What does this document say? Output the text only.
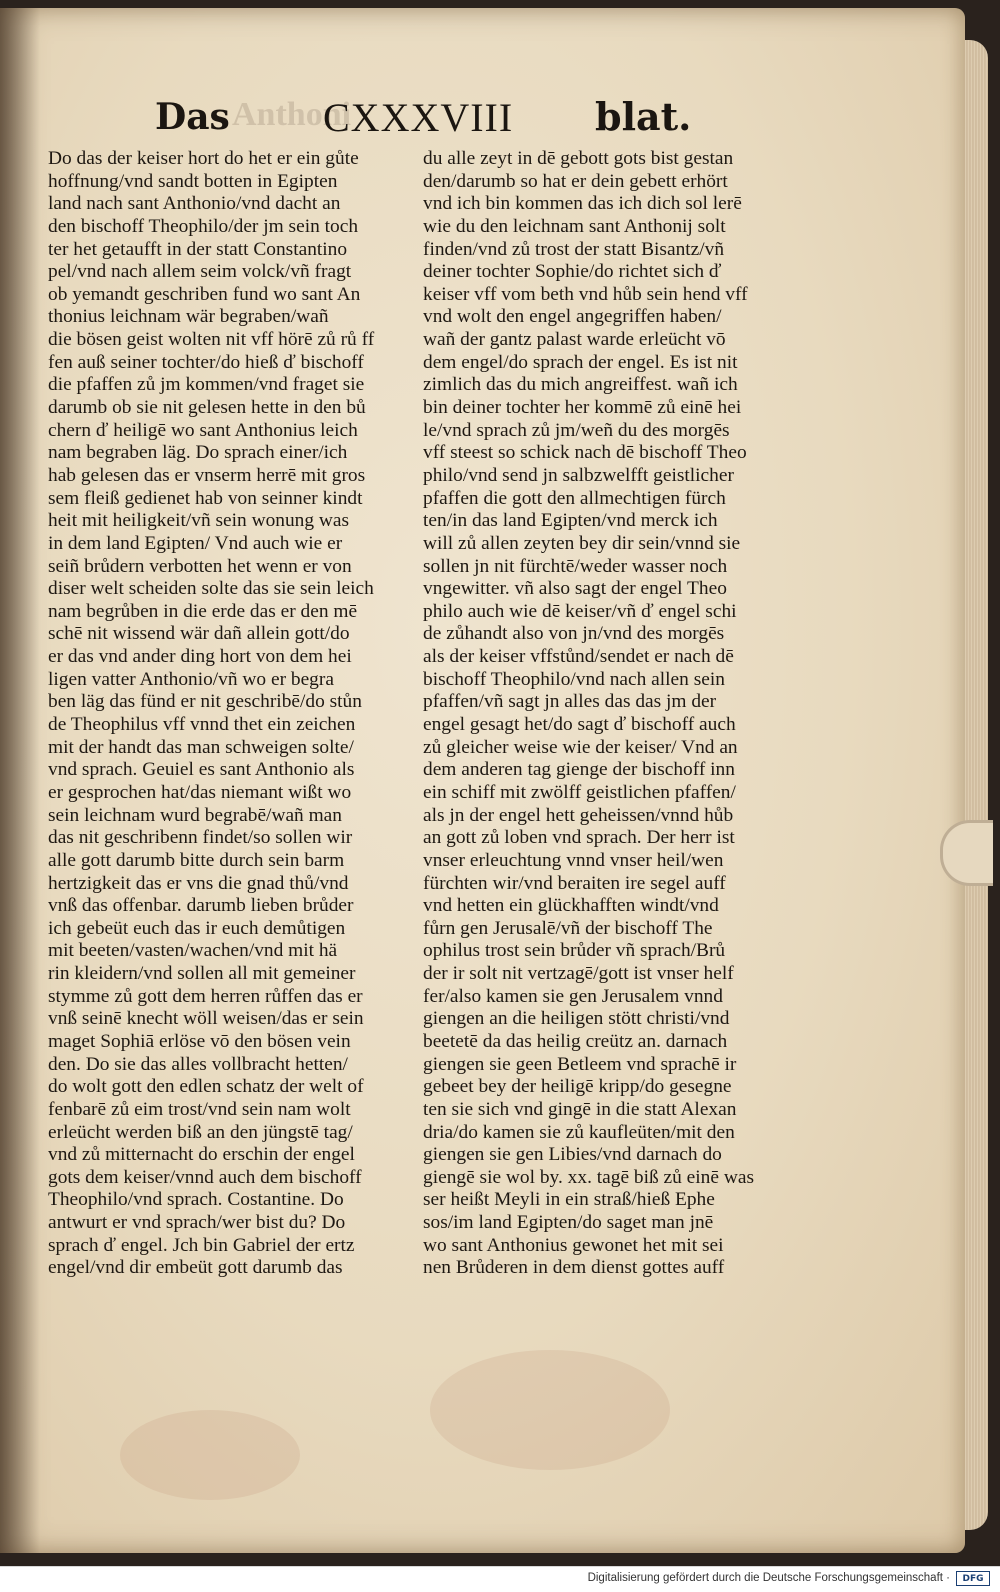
Anthoni
Das CXXXVIII blat.
Do das der keiser hort do het er ein gůte
hoffnung/vnd sandt botten in Egipten
land nach sant Anthonio/vnd dacht an
den bischoff Theophilo/der jm sein toch
ter het getaufft in der statt Constantino
pel/vnd nach allem seim volck/vñ fragt
ob yemandt geschriben fund wo sant An
thonius leichnam wär begraben/wañ
die bösen geist wolten nit vff hörē zů rů ff
fen auß seiner tochter/do hieß ď bischoff
die pfaffen zů jm kommen/vnd fraget sie
darumb ob sie nit gelesen hette in den bů
chern ď heiligē wo sant Anthonius leich
nam begraben läg. Do sprach einer/ich
hab gelesen das er vnserm herrē mit gros
sem fleiß gedienet hab von seinner kindt
heit mit heiligkeit/vñ sein wonung was
in dem land Egipten/ Vnd auch wie er
seiñ brůdern verbotten het wenn er von
diser welt scheiden solte das sie sein leich
nam begrůben in die erde das er den mē
schē nit wissend wär dañ allein gott/do
er das vnd ander ding hort von dem hei
ligen vatter Anthonio/vñ wo er begra
ben läg das fünd er nit geschribē/do stůn
de Theophilus vff vnnd thet ein zeichen
mit der handt das man schweigen solte/
vnd sprach. Geuiel es sant Anthonio als
er gesprochen hat/das niemant wißt wo
sein leichnam wurd begrabē/wañ man
das nit geschribenn findet/so sollen wir
alle gott darumb bitte durch sein barm
hertzigkeit das er vns die gnad thů/vnd
vnß das offenbar. darumb lieben brůder
ich gebeüt euch das ir euch demůtigen
mit beeten/vasten/wachen/vnd mit hä
rin kleidern/vnd sollen all mit gemeiner
stymme zů gott dem herren růffen das er
vnß seinē knecht wöll weisen/das er sein
maget Sophiā erlöse vō den bösen vein
den. Do sie das alles vollbracht hetten/
do wolt gott den edlen schatz der welt of
fenbarē zů eim trost/vnd sein nam wolt
erleücht werden biß an den jüngstē tag/
vnd zů mitternacht do erschin der engel
gots dem keiser/vnnd auch dem bischoff
Theophilo/vnd sprach. Costantine. Do
antwurt er vnd sprach/wer bist du? Do
sprach ď engel. Jch bin Gabriel der ertz
engel/vnd dir embeüt gott darumb das
du alle zeyt in dē gebott gots bist gestan
den/darumb so hat er dein gebett erhört
vnd ich bin kommen das ich dich sol lerē
wie du den leichnam sant Anthonij solt
finden/vnd zů trost der statt Bisantz/vñ
deiner tochter Sophie/do richtet sich ď
keiser vff vom beth vnd hůb sein hend vff
vnd wolt den engel angegriffen haben/
wañ der gantz palast warde erleücht vō
dem engel/do sprach der engel. Es ist nit
zimlich das du mich angreiffest. wañ ich
bin deiner tochter her kommē zů einē hei
le/vnd sprach zů jm/weñ du des morgēs
vff steest so schick nach dē bischoff Theo
philo/vnd send jn salbzwelfft geistlicher
pfaffen die gott den allmechtigen fürch
ten/in das land Egipten/vnd merck ich
will zů allen zeyten bey dir sein/vnnd sie
sollen jn nit fürchtē/weder wasser noch
vngewitter. vñ also sagt der engel Theo
philo auch wie dē keiser/vñ ď engel schi
de zůhandt also von jn/vnd des morgēs
als der keiser vffstůnd/sendet er nach dē
bischoff Theophilo/vnd nach allen sein
pfaffen/vñ sagt jn alles das das jm der
engel gesagt het/do sagt ď bischoff auch
zů gleicher weise wie der keiser/ Vnd an
dem anderen tag gienge der bischoff inn
ein schiff mit zwölff geistlichen pfaffen/
als jn der engel hett geheissen/vnnd hůb
an gott zů loben vnd sprach. Der herr ist
vnser erleuchtung vnnd vnser heil/wen
fürchten wir/vnd beraiten ire segel auff
vnd hetten ein glückhafften windt/vnd
fůrn gen Jerusalē/vñ der bischoff The
ophilus trost sein brůder vñ sprach/Brů
der ir solt nit vertzagē/gott ist vnser helf
fer/also kamen sie gen Jerusalem vnnd
giengen an die heiligen stött christi/vnd
beetetē da das heilig creütz an. darnach
giengen sie geen Betleem vnd sprachē ir
gebeet bey der heiligē kripp/do gesegne
ten sie sich vnd gingē in die statt Alexan
dria/do kamen sie zů kaufleüten/mit den
giengen sie gen Libies/vnd darnach do
giengē sie wol by. xx. tagē biß zů einē was
ser heißt Meyli in ein straß/hieß Ephe
sos/im land Egipten/do saget man jnē
wo sant Anthonius gewonet het mit sei
nen Brůderen in dem dienst gottes auff
Digitalisierung gefördert durch die Deutsche Forschungsgemeinschaft ·	DFG
